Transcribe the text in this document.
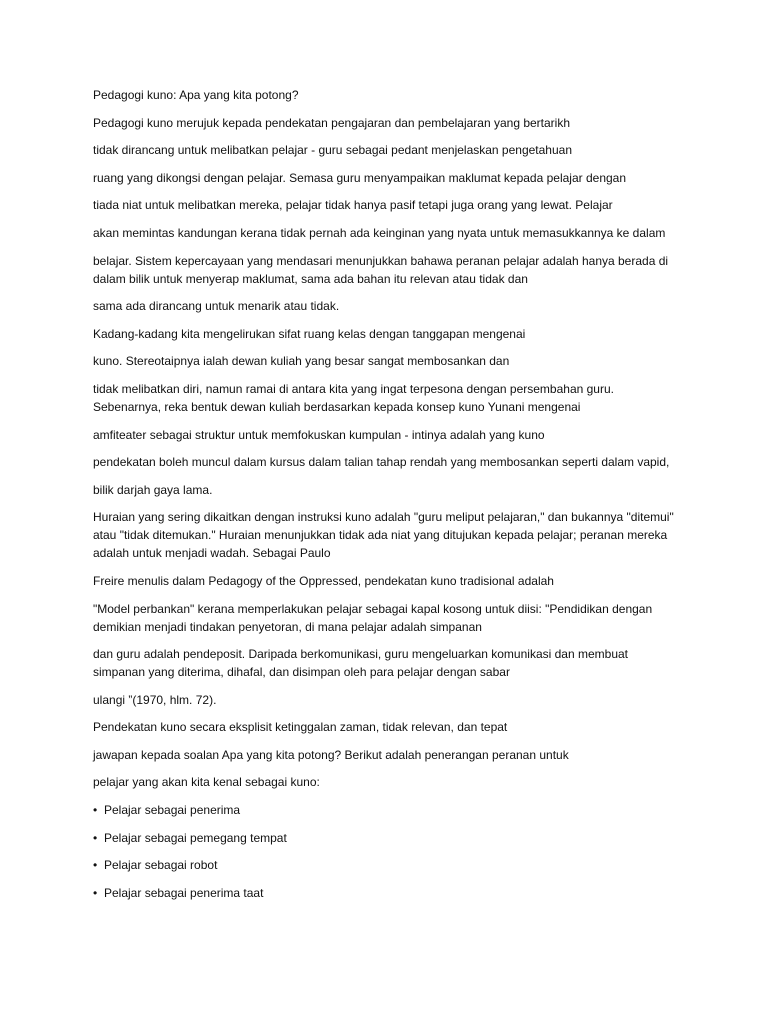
Pedagogi kuno: Apa yang kita potong?

Pedagogi kuno merujuk kepada pendekatan pengajaran dan pembelajaran yang bertarikh

tidak dirancang untuk melibatkan pelajar - guru sebagai pedant menjelaskan pengetahuan

ruang yang dikongsi dengan pelajar. Semasa guru menyampaikan maklumat kepada pelajar dengan

tiada niat untuk melibatkan mereka, pelajar tidak hanya pasif tetapi juga orang yang lewat. Pelajar

akan memintas kandungan kerana tidak pernah ada keinginan yang nyata untuk memasukkannya ke dalam

belajar. Sistem kepercayaan yang mendasari menunjukkan bahawa peranan pelajar adalah hanya berada di dalam bilik untuk menyerap maklumat, sama ada bahan itu relevan atau tidak dan

sama ada dirancang untuk menarik atau tidak.

Kadang-kadang kita mengelirukan sifat ruang kelas dengan tanggapan mengenai

kuno. Stereotaipnya ialah dewan kuliah yang besar sangat membosankan dan

tidak melibatkan diri, namun ramai di antara kita yang ingat terpesona dengan persembahan guru. Sebenarnya, reka bentuk dewan kuliah berdasarkan kepada konsep kuno Yunani mengenai

amfiteater sebagai struktur untuk memfokuskan kumpulan - intinya adalah yang kuno

pendekatan boleh muncul dalam kursus dalam talian tahap rendah yang membosankan seperti dalam vapid,

bilik darjah gaya lama.

Huraian yang sering dikaitkan dengan instruksi kuno adalah "guru meliput pelajaran," dan bukannya "ditemui" atau "tidak ditemukan." Huraian menunjukkan tidak ada niat yang ditujukan kepada pelajar; peranan mereka adalah untuk menjadi wadah. Sebagai Paulo

Freire menulis dalam Pedagogy of the Oppressed, pendekatan kuno tradisional adalah

"Model perbankan" kerana memperlakukan pelajar sebagai kapal kosong untuk diisi: "Pendidikan dengan demikian menjadi tindakan penyetoran, di mana pelajar adalah simpanan

dan guru adalah pendeposit. Daripada berkomunikasi, guru mengeluarkan komunikasi dan membuat simpanan yang diterima, dihafal, dan disimpan oleh para pelajar dengan sabar

ulangi ”(1970, hlm. 72).

Pendekatan kuno secara eksplisit ketinggalan zaman, tidak relevan, dan tepat

jawapan kepada soalan Apa yang kita potong? Berikut adalah penerangan peranan untuk

pelajar yang akan kita kenal sebagai kuno:

• Pelajar sebagai penerima
• Pelajar sebagai pemegang tempat
• Pelajar sebagai robot
• Pelajar sebagai penerima taat
